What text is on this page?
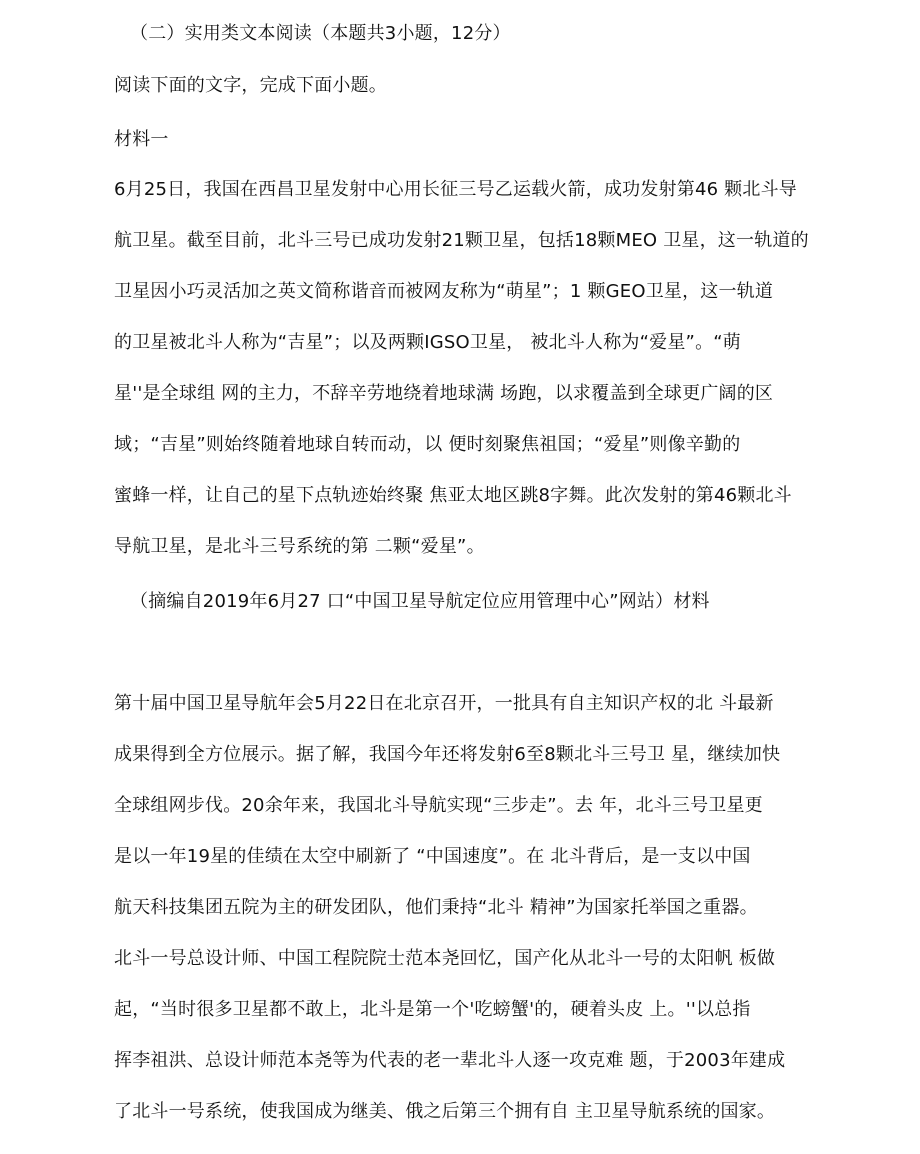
（二）实用类文本阅读（本题共3小题，12分）
阅读下面的文字，完成下面小题。
材料一
6月25日，我国在西昌卫星发射中心用长征三号乙运载火箭，成功发射第46 颗北斗导
航卫星。截至目前，北斗三号已成功发射21颗卫星，包括18颗MEO 卫星，这一轨道的
卫星因小巧灵活加之英文简称谐音而被网友称为“萌星”；1 颗GEO卫星，这一轨道
的卫星被北斗人称为“吉星”；以及两颗IGSO卫星， 被北斗人称为“爱星”。“萌
星''是全球组 网的主力，不辞辛劳地绕着地球满 场跑，以求覆盖到全球更广阔的区
域；“吉星”则始终随着地球自转而动，以 便时刻聚焦祖国；“爱星”则像辛勤的
蜜蜂一样，让自己的星下点轨迹始终聚 焦亚太地区跳8字舞。此次发射的第46颗北斗
导航卫星，是北斗三号系统的第 二颗“爱星”。
（摘编自2019年6月27 口“中国卫星导航定位应用管理中心”网站）材料
第十届中国卫星导航年会5月22日在北京召开，一批具有自主知识产权的北 斗最新
成果得到全方位展示。据了解，我国今年还将发射6至8颗北斗三号卫 星，继续加快
全球组网步伐。20余年来，我国北斗导航实现“三步走”。去 年，北斗三号卫星更
是以一年19星的佳绩在太空中刷新了 “中国速度”。在 北斗背后，是一支以中国
航天科技集团五院为主的研发团队，他们秉持“北斗 精神”为国家托举国之重器。
北斗一号总设计师、中国工程院院士范本尧回忆，国产化从北斗一号的太阳帆 板做
起，“当时很多卫星都不敢上，北斗是第一个'吃螃蟹'的，硬着头皮 上。''以总指
挥李祖洪、总设计师范本尧等为代表的老一辈北斗人逐一攻克难 题，于2003年建成
了北斗一号系统，使我国成为继美、俄之后第三个拥有自 主卫星导航系统的国家。
